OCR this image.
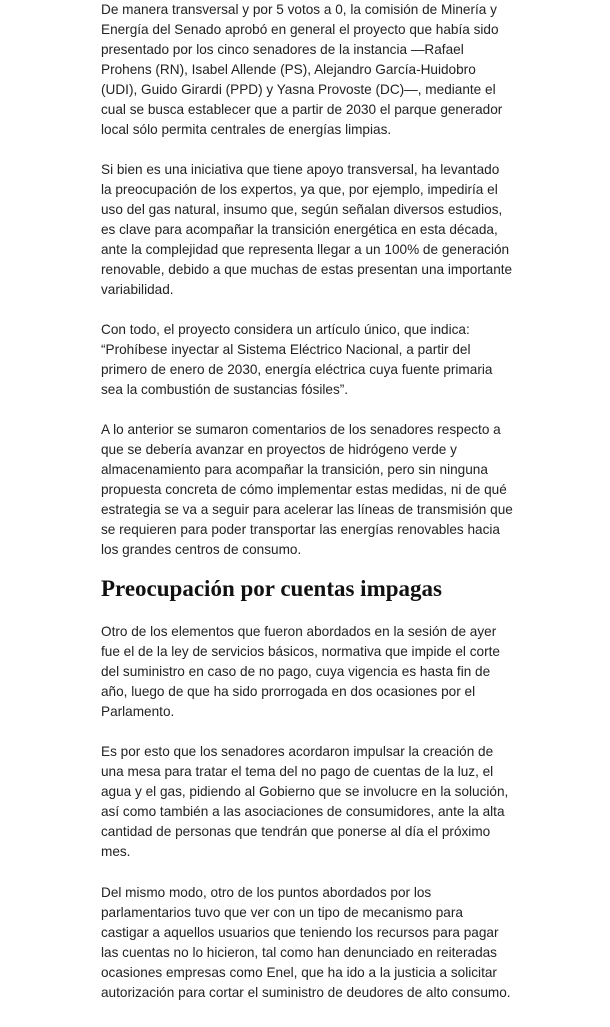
De manera transversal y por 5 votos a 0, la comisión de Minería y Energía del Senado aprobó en general el proyecto que había sido presentado por los cinco senadores de la instancia —Rafael Prohens (RN), Isabel Allende (PS), Alejandro García-Huidobro (UDI), Guido Girardi (PPD) y Yasna Provoste (DC)—, mediante el cual se busca establecer que a partir de 2030 el parque generador local sólo permita centrales de energías limpias.

Si bien es una iniciativa que tiene apoyo transversal, ha levantado la preocupación de los expertos, ya que, por ejemplo, impediría el uso del gas natural, insumo que, según señalan diversos estudios, es clave para acompañar la transición energética en esta década, ante la complejidad que representa llegar a un 100% de generación renovable, debido a que muchas de estas presentan una importante variabilidad.

Con todo, el proyecto considera un artículo único, que indica: “Prohíbese inyectar al Sistema Eléctrico Nacional, a partir del primero de enero de 2030, energía eléctrica cuya fuente primaria sea la combustión de sustancias fósiles”.

A lo anterior se sumaron comentarios de los senadores respecto a que se debería avanzar en proyectos de hidrógeno verde y almacenamiento para acompañar la transición, pero sin ninguna propuesta concreta de cómo implementar estas medidas, ni de qué estrategia se va a seguir para acelerar las líneas de transmisión que se requieren para poder transportar las energías renovables hacia los grandes centros de consumo.

Preocupación por cuentas impagas

Otro de los elementos que fueron abordados en la sesión de ayer fue el de la ley de servicios básicos, normativa que impide el corte del suministro en caso de no pago, cuya vigencia es hasta fin de año, luego de que ha sido prorrogada en dos ocasiones por el Parlamento.

Es por esto que los senadores acordaron impulsar la creación de una mesa para tratar el tema del no pago de cuentas de la luz, el agua y el gas, pidiendo al Gobierno que se involucre en la solución, así como también a las asociaciones de consumidores, ante la alta cantidad de personas que tendrán que ponerse al día el próximo mes.

Del mismo modo, otro de los puntos abordados por los parlamentarios tuvo que ver con un tipo de mecanismo para castigar a aquellos usuarios que teniendo los recursos para pagar las cuentas no lo hicieron, tal como han denunciado en reiteradas ocasiones empresas como Enel, que ha ido a la justicia a solicitar autorización para cortar el suministro de deudores de alto consumo.
